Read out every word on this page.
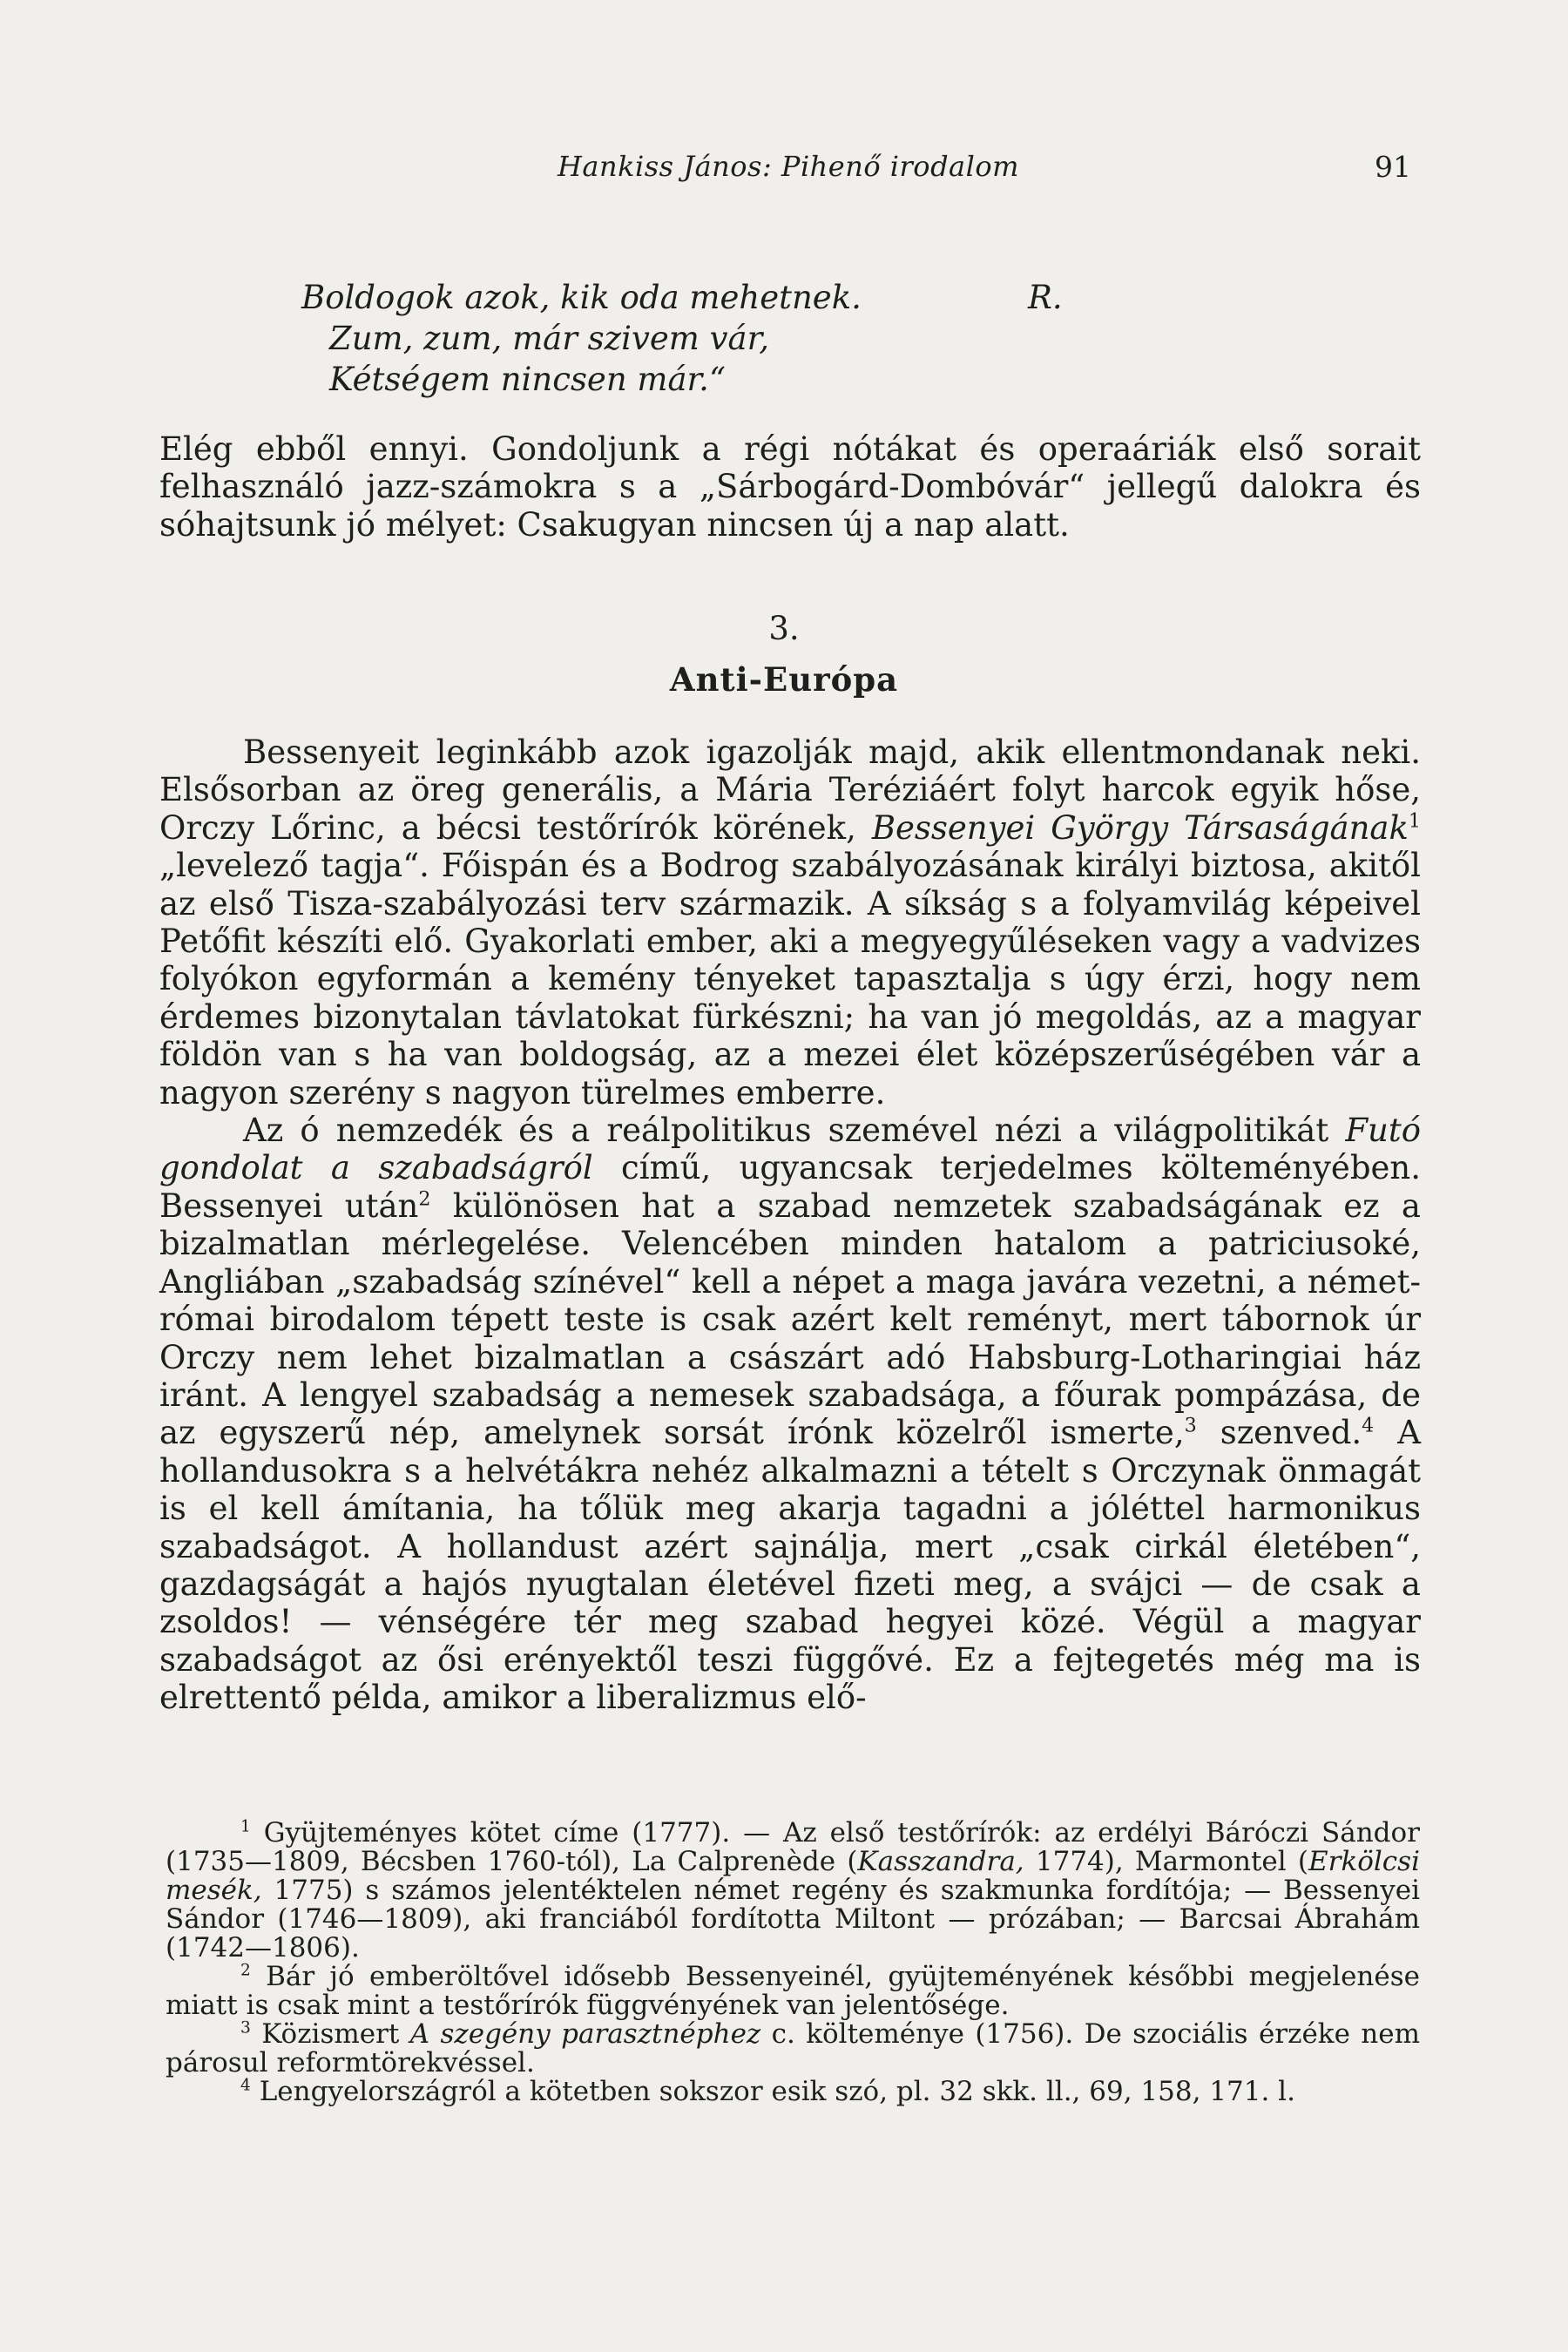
Hankiss János: Pihenő irodalom	91
Boldogok azok, kik oda mehetnek.	R.
Zum, zum, már szivem vár,
Kétségem nincsen már.“

Elég ebből ennyi. Gondoljunk a régi nótákat és operaáriák első sorait felhasználó jazz-számokra s a „Sárbogárd-Dombóvár“ jellegű dalokra és sóhajtsunk jó mélyet: Csakugyan nincsen új a nap alatt.

3.
Anti-Európa

Bessenyeit leginkább azok igazolják majd, akik ellentmondanak neki. Elsősorban az öreg generális, a Mária Teréziáért folyt harcok egyik hőse, Orczy Lőrinc, a bécsi testőrírók körének, Bessenyei György Társaságának$^1$ „levelező tagja“. Főispán és a Bodrog szabályozásának királyi biztosa, akitől az első Tisza-szabályozási terv származik. A síkság s a folyamvilág képeivel Petőfit készíti elő. Gyakorlati ember, aki a megyegyűléseken vagy a vadvizes folyókon egyformán a kemény tényeket tapasztalja s úgy érzi, hogy nem érdemes bizonytalan távlatokat fürkészni; ha van jó megoldás, az a magyar földön van s ha van boldogság, az a mezei élet középszerűségében vár a nagyon szerény s nagyon türelmes emberre.

Az ó nemzedék és a reálpolitikus szemével nézi a világpolitikát Futó gondolat a szabadságról című, ugyancsak terjedelmes költeményében. Bessenyei után$^2$ különösen hat a szabad nemzetek szabadságának ez a bizalmatlan mérlegelése. Velencében minden hatalom a patriciusoké, Angliában „szabadság színével“ kell a népet a maga javára vezetni, a német-római birodalom tépett teste is csak azért kelt reményt, mert tábornok úr Orczy nem lehet bizalmatlan a császárt adó Habsburg-Lotharingiai ház iránt. A lengyel szabadság a nemesek szabadsága, a főurak pompázása, de az egyszerű nép, amelynek sorsát írónk közelről ismerte,$^3$ szenved.$^4$ A hollandusokra s a helvétákra nehéz alkalmazni a tételt s Orczynak önmagát is el kell ámítania, ha tőlük meg akarja tagadni a jóléttel harmonikus szabadságot. A hollandust azért sajnálja, mert „csak cirkál életében“, gazdagságát a hajós nyugtalan életével fizeti meg, a svájci — de csak a zsoldos! — vénségére tér meg szabad hegyei közé. Végül a magyar szabadságot az ősi erényektől teszi függővé. Ez a fejtegetés még ma is elrettentő példa, amikor a liberalizmus elő-

$^1$ Gyüjteményes kötet címe (1777). — Az első testőrírók: az erdélyi Báróczi Sándor (1735—1809, Bécsben 1760-tól), La Calprenède (Kasszandra, 1774), Marmontel (Erkölcsi mesék, 1775) s számos jelentéktelen német regény és szakmunka fordítója; — Bessenyei Sándor (1746—1809), aki franciából fordította Miltont — prózában; — Barcsai Ábrahám (1742—1806).

$^2$ Bár jó emberöltővel idősebb Bessenyeinél, gyüjteményének későbbi megjelenése miatt is csak mint a testőrírók függvényének van jelentősége.

$^3$ Közismert A szegény parasztnéphez c. költeménye (1756). De szociális érzéke nem párosul reformtörekvéssel.

$^4$ Lengyelországról a kötetben sokszor esik szó, pl. 32 skk. ll., 69, 158, 171. l.
